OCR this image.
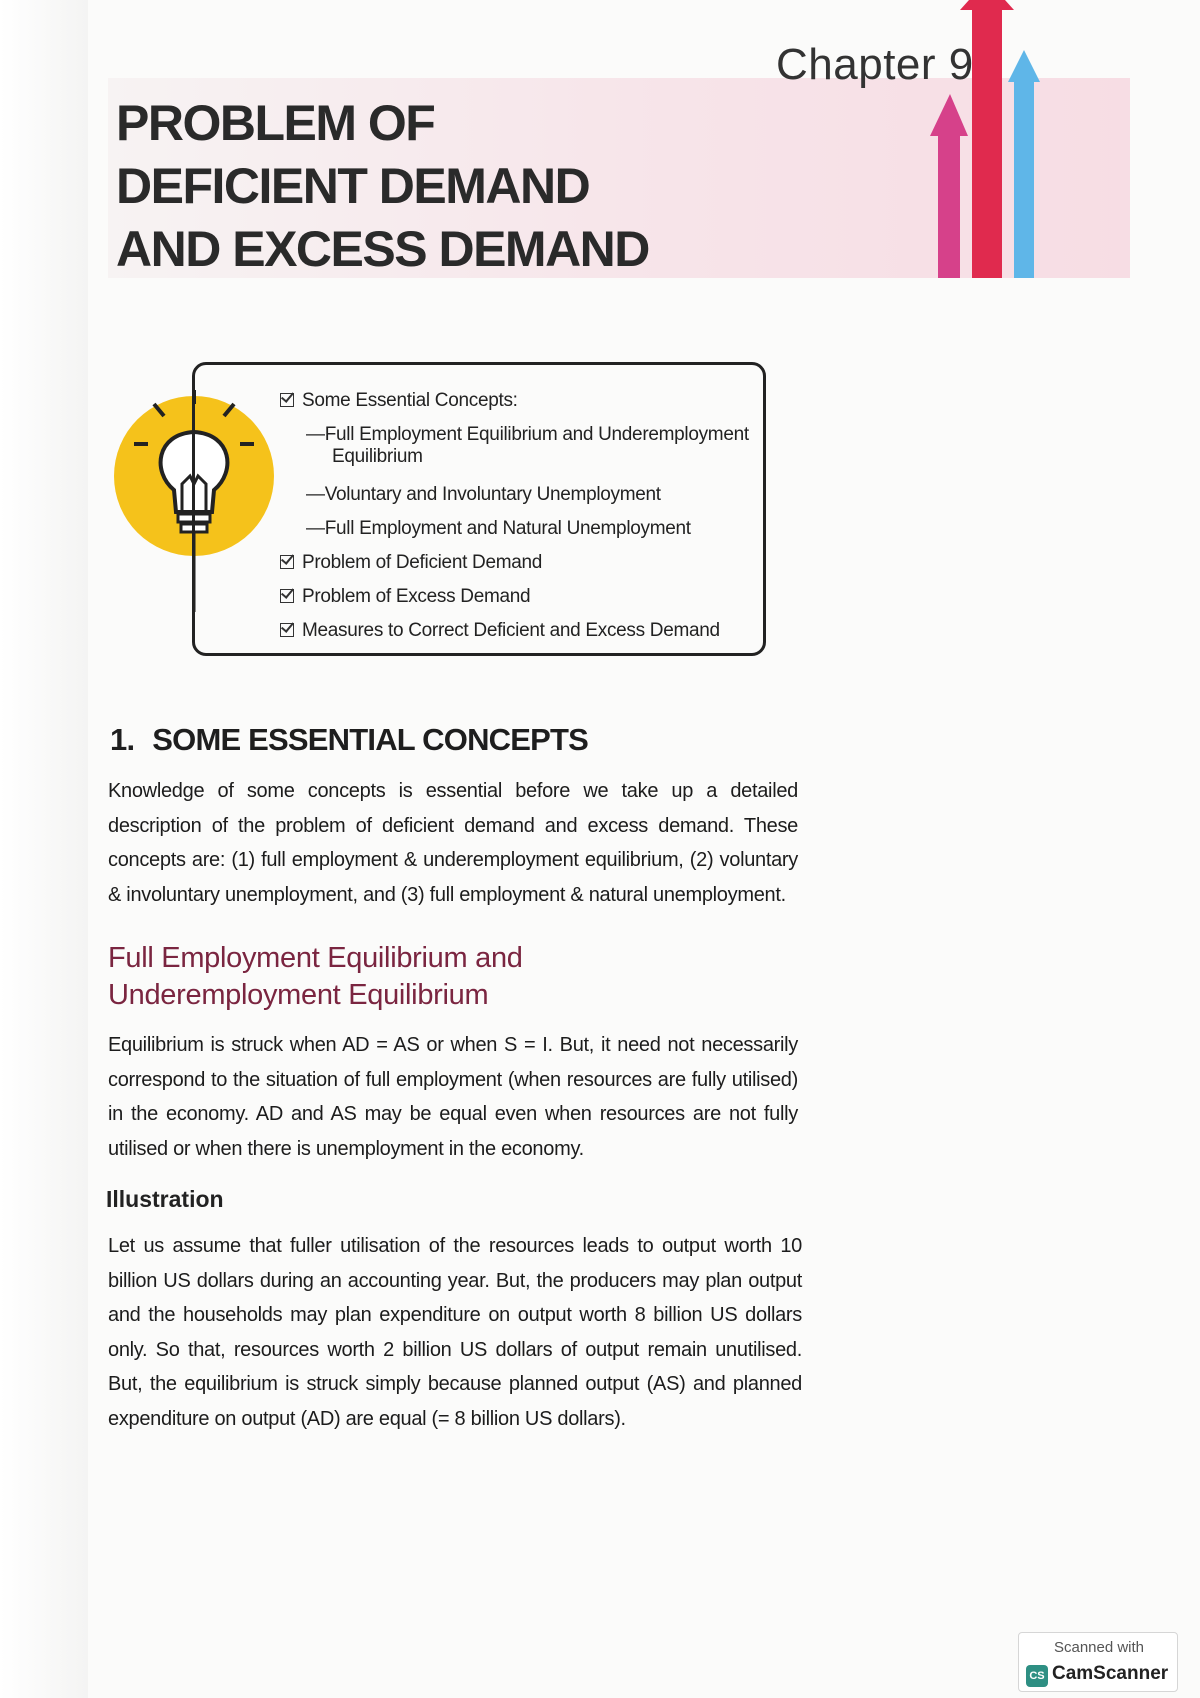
Chapter 9
PROBLEM OF
DEFICIENT DEMAND
AND EXCESS DEMAND
Some Essential Concepts:
—Full Employment Equilibrium and Underemployment
Equilibrium
—Voluntary and Involuntary Unemployment
—Full Employment and Natural Unemployment
Problem of Deficient Demand
Problem of Excess Demand
Measures to Correct Deficient and Excess Demand
1. SOME ESSENTIAL CONCEPTS

Knowledge of some concepts is essential before we take up a detailed description of the problem of deficient demand and excess demand. These concepts are: (1) full employment & underemployment equilibrium, (2) voluntary & involuntary unemployment, and (3) full employment & natural unemployment.

Full Employment Equilibrium and
Underemployment Equilibrium

Equilibrium is struck when AD = AS or when S = I. But, it need not necessarily correspond to the situation of full employment (when resources are fully utilised) in the economy. AD and AS may be equal even when resources are not fully utilised or when there is unemployment in the economy.

Illustration

Let us assume that fuller utilisation of the resources leads to output worth 10 billion US dollars during an accounting year. But, the producers may plan output and the households may plan expenditure on output worth 8 billion US dollars only. So that, resources worth 2 billion US dollars of output remain unutilised. But, the equilibrium is struck simply because planned output (AS) and planned expenditure on output (AD) are equal (= 8 billion US dollars).

Scanned with
CS CamScanner
